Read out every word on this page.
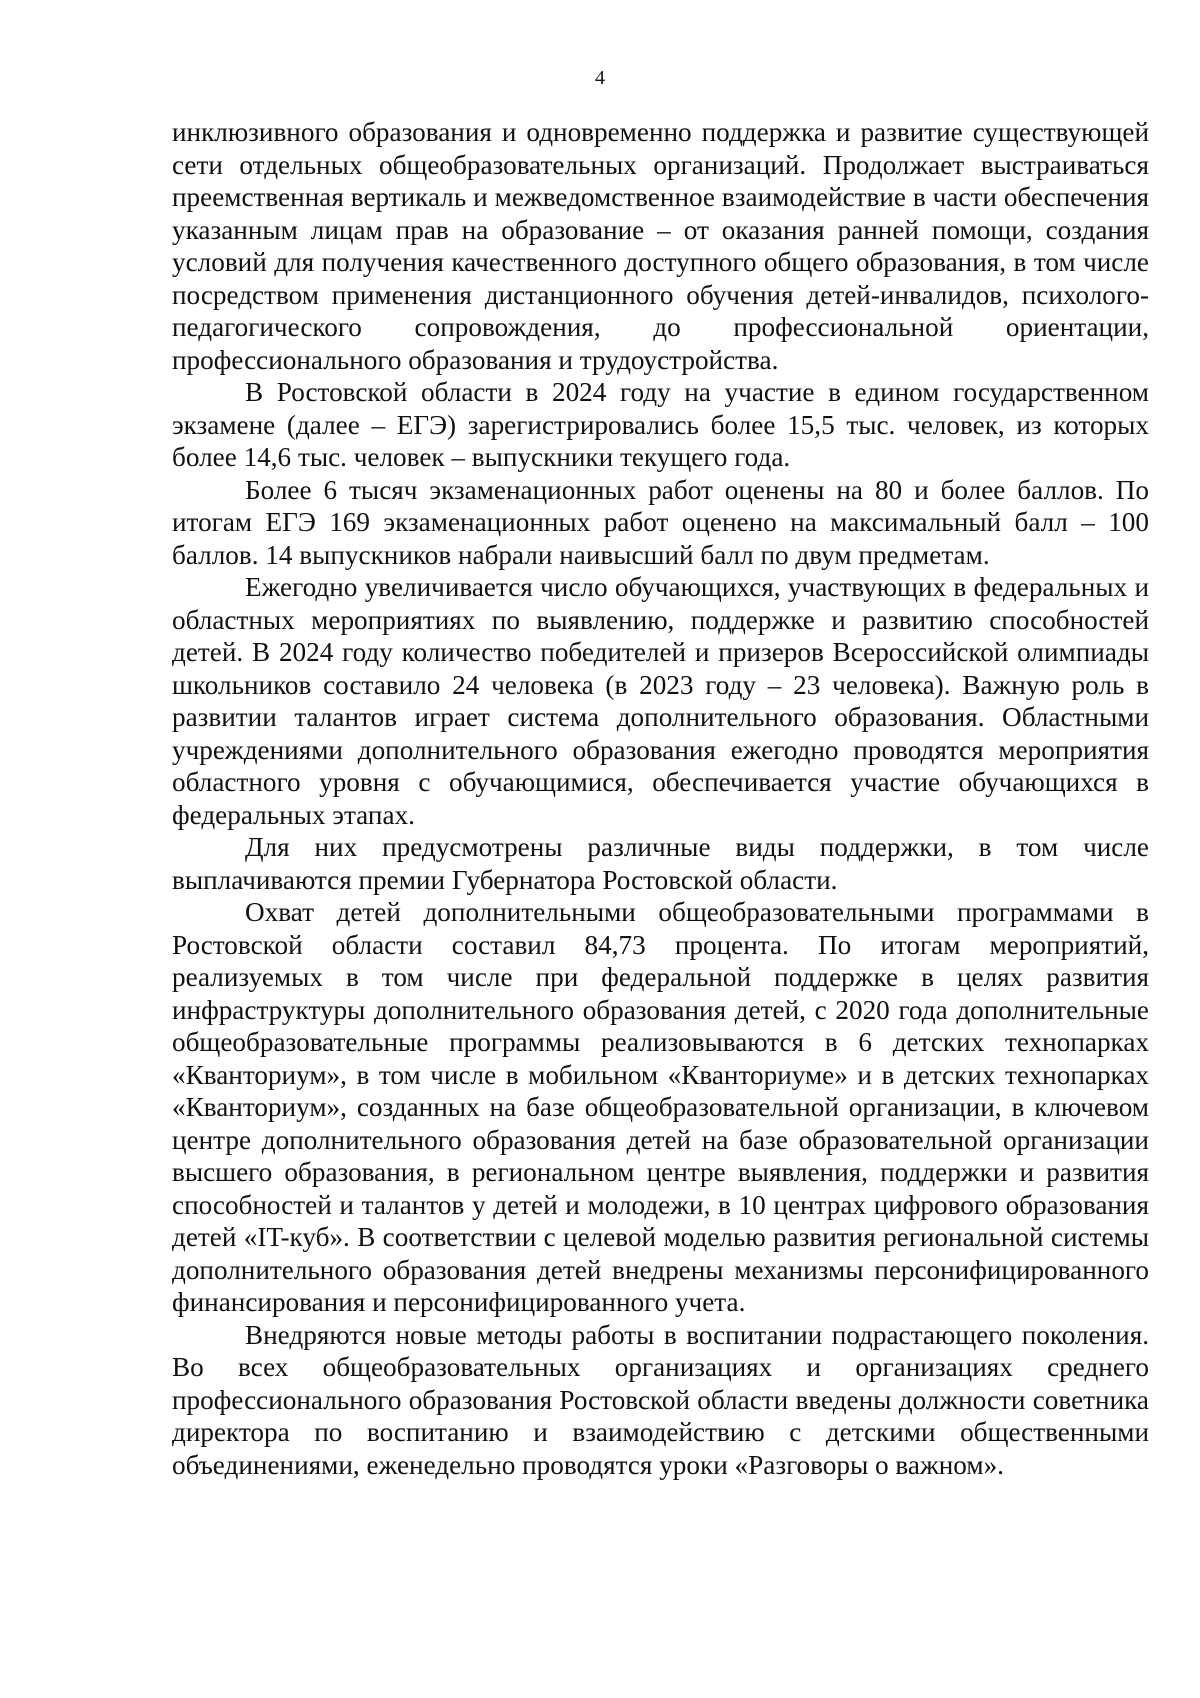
4

инклюзивного образования и одновременно поддержка и развитие существующей сети отдельных общеобразовательных организаций. Продолжает выстраиваться преемственная вертикаль и межведомственное взаимодействие в части обеспечения указанным лицам прав на образование – от оказания ранней помощи, создания условий для получения качественного доступного общего образования, в том числе посредством применения дистанционного обучения детей-инвалидов, психолого-педагогического сопровождения, до профессиональной ориентации, профессионального образования и трудоустройства.

В Ростовской области в 2024 году на участие в едином государственном экзамене (далее – ЕГЭ) зарегистрировались более 15,5 тыс. человек, из которых более 14,6 тыс. человек – выпускники текущего года.

Более 6 тысяч экзаменационных работ оценены на 80 и более баллов. По итогам ЕГЭ 169 экзаменационных работ оценено на максимальный балл – 100 баллов. 14 выпускников набрали наивысший балл по двум предметам.

Ежегодно увеличивается число обучающихся, участвующих в федеральных и областных мероприятиях по выявлению, поддержке и развитию способностей детей. В 2024 году количество победителей и призеров Всероссийской олимпиады школьников составило 24 человека (в 2023 году – 23 человека). Важную роль в развитии талантов играет система дополнительного образования. Областными учреждениями дополнительного образования ежегодно проводятся мероприятия областного уровня с обучающимися, обеспечивается участие обучающихся в федеральных этапах.

Для них предусмотрены различные виды поддержки, в том числе выплачиваются премии Губернатора Ростовской области.

Охват детей дополнительными общеобразовательными программами в Ростовской области составил 84,73 процента. По итогам мероприятий, реализуемых в том числе при федеральной поддержке в целях развития инфраструктуры дополнительного образования детей, с 2020 года дополнительные общеобразовательные программы реализовываются в 6 детских технопарках «Кванториум», в том числе в мобильном «Кванториуме» и в детских технопарках «Кванториум», созданных на базе общеобразовательной организации, в ключевом центре дополнительного образования детей на базе образовательной организации высшего образования, в региональном центре выявления, поддержки и развития способностей и талантов у детей и молодежи, в 10 центрах цифрового образования детей «IT-куб». В соответствии с целевой моделью развития региональной системы дополнительного образования детей внедрены механизмы персонифицированного финансирования и персонифицированного учета.

Внедряются новые методы работы в воспитании подрастающего поколения. Во всех общеобразовательных организациях и организациях среднего профессионального образования Ростовской области введены должности советника директора по воспитанию и взаимодействию с детскими общественными объединениями, еженедельно проводятся уроки «Разговоры о важном».
